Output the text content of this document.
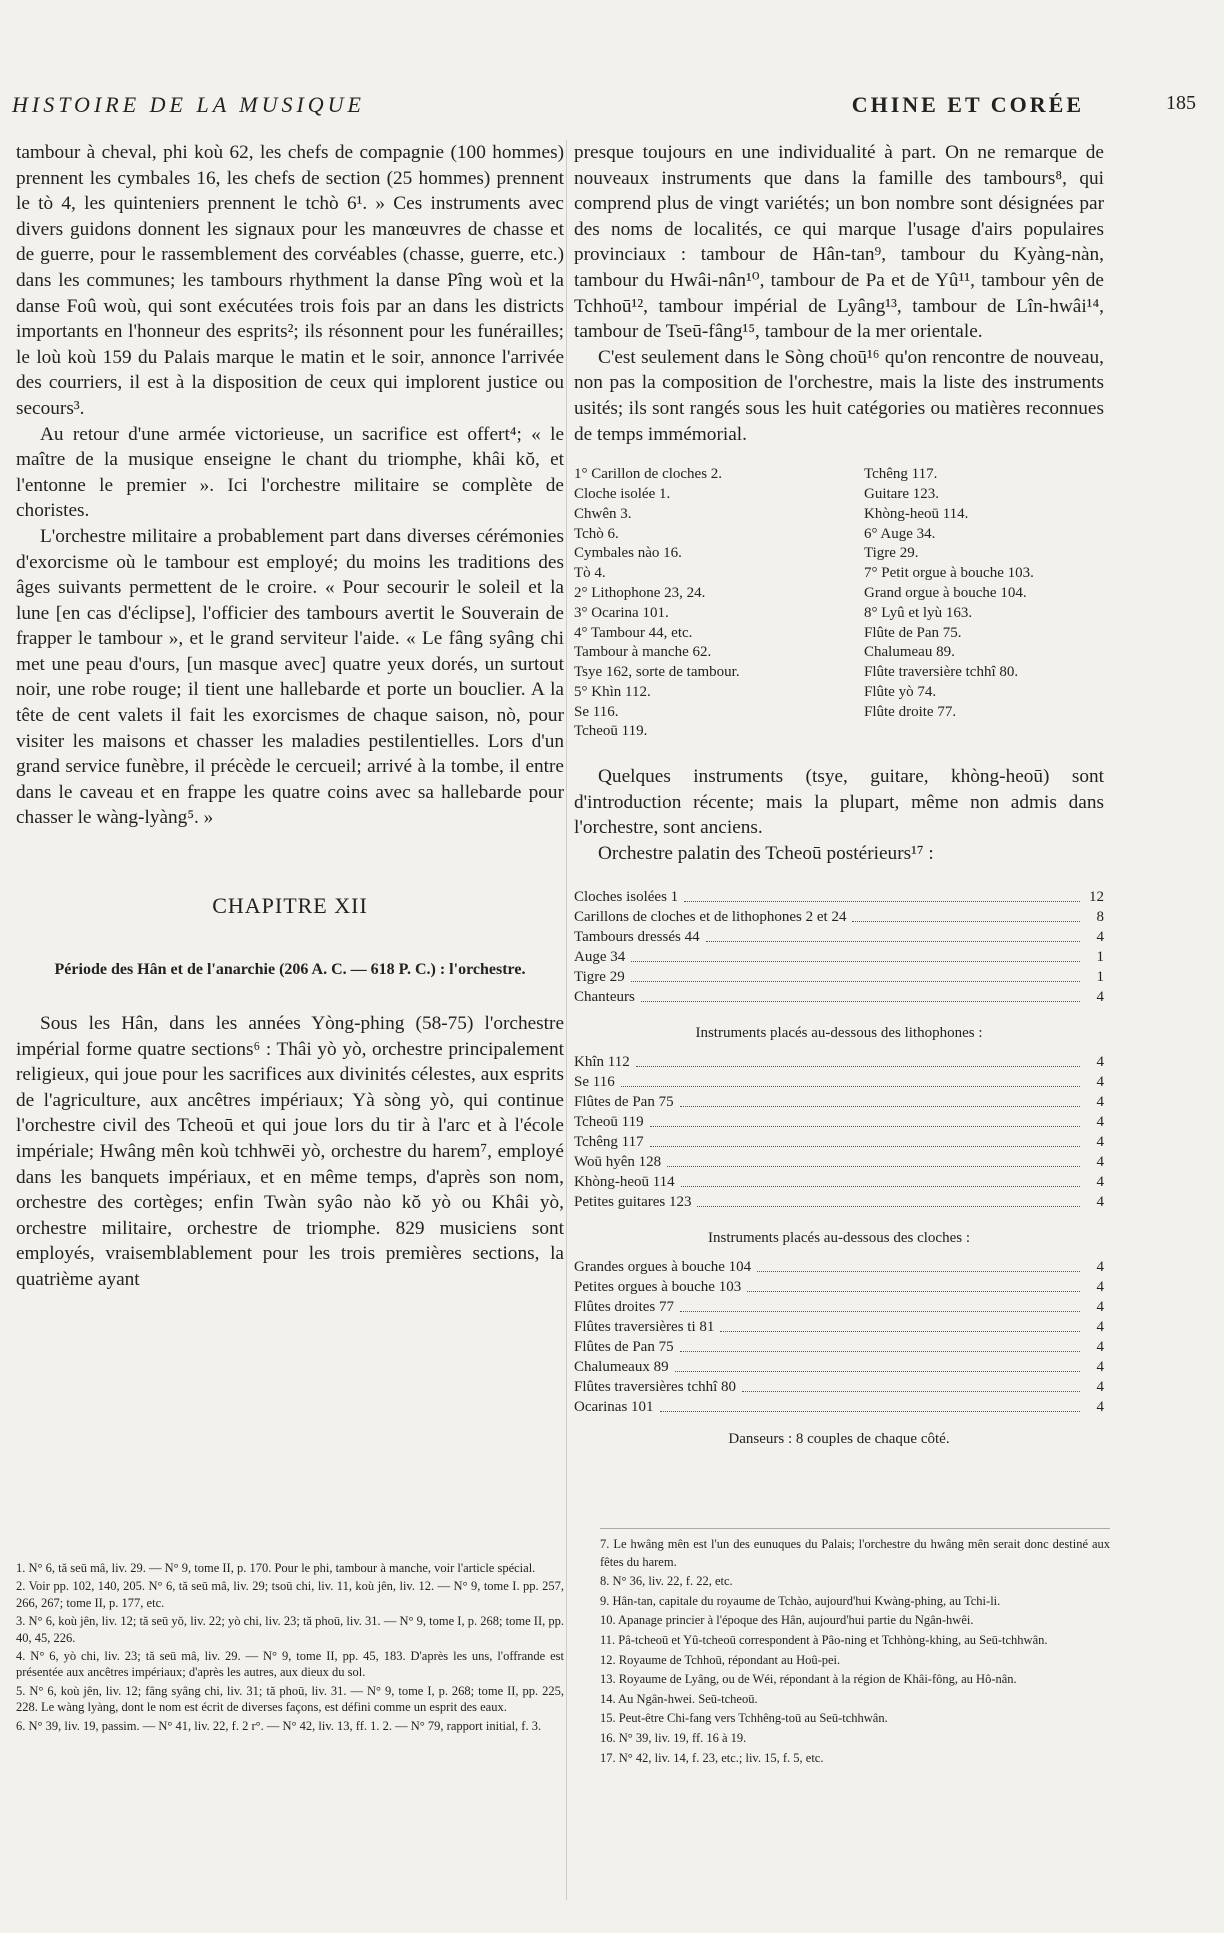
HISTOIRE DE LA MUSIQUE	CHINE ET CORÉE	185

tambour à cheval, phi koù 62, les chefs de compagnie (100 hommes) prennent les cymbales 16, les chefs de section (25 hommes) prennent le tò 4, les quinteniers prennent le tchò 6¹. » Ces instruments avec divers guidons donnent les signaux pour les manœuvres de chasse et de guerre, pour le rassemblement des corvéables (chasse, guerre, etc.) dans les communes; les tambours rhythment la danse Pîng woù et la danse Foû woù, qui sont exécutées trois fois par an dans les districts importants en l'honneur des esprits²; ils résonnent pour les funérailles; le loù koù 159 du Palais marque le matin et le soir, annonce l'arrivée des courriers, il est à la disposition de ceux qui implorent justice ou secours³.

Au retour d'une armée victorieuse, un sacrifice est offert⁴; « le maître de la musique enseigne le chant du triomphe, khâi kŏ, et l'entonne le premier ». Ici l'orchestre militaire se complète de choristes.

L'orchestre militaire a probablement part dans diverses cérémonies d'exorcisme où le tambour est employé; du moins les traditions des âges suivants permettent de le croire. « Pour secourir le soleil et la lune [en cas d'éclipse], l'officier des tambours avertit le Souverain de frapper le tambour », et le grand serviteur l'aide. « Le fâng syâng chi met une peau d'ours, [un masque avec] quatre yeux dorés, un surtout noir, une robe rouge; il tient une hallebarde et porte un bouclier. A la tête de cent valets il fait les exorcismes de chaque saison, nò, pour visiter les maisons et chasser les maladies pestilentielles. Lors d'un grand service funèbre, il précède le cercueil; arrivé à la tombe, il entre dans le caveau et en frappe les quatre coins avec sa hallebarde pour chasser le wàng-lyàng⁵. »

CHAPITRE XII
Période des Hân et de l'anarchie (206 A. C. — 618 P. C.) : l'orchestre.

Sous les Hân, dans les années Yòng-phing (58-75) l'orchestre impérial forme quatre sections⁶ : Thâi yò yò, orchestre principalement religieux, qui joue pour les sacrifices aux divinités célestes, aux esprits de l'agriculture, aux ancêtres impériaux; Yà sòng yò, qui continue l'orchestre civil des Tcheoū et qui joue lors du tir à l'arc et à l'école impériale; Hwâng mên koù tchhwēi yò, orchestre du harem⁷, employé dans les banquets impériaux, et en même temps, d'après son nom, orchestre des cortèges; enfin Twàn syâo nào kŏ yò ou Khâi yò, orchestre militaire, orchestre de triomphe. 829 musiciens sont employés, vraisemblablement pour les trois premières sections, la quatrième ayant

1. N° 6, tă seū mâ, liv. 29. — N° 9, tome II, p. 170. Pour le phi, tambour à manche, voir l'article spécial.

2. Voir pp. 102, 140, 205. N° 6, tă seū mâ, liv. 29; tsoū chi, liv. 11, koù jên, liv. 12. — N° 9, tome I. pp. 257, 266, 267; tome II, p. 177, etc.

3. N° 6, koù jên, liv. 12; tă seū yŏ, liv. 22; yò chi, liv. 23; tă phoū, liv. 31. — N° 9, tome I, p. 268; tome II, pp. 40, 45, 226.

4. N° 6, yò chi, liv. 23; tă seū mâ, liv. 29. — N° 9, tome II, pp. 45, 183. D'après les uns, l'offrande est présentée aux ancêtres impériaux; d'après les autres, aux dieux du sol.

5. N° 6, koù jên, liv. 12; fâng syâng chi, liv. 31; tă phoū, liv. 31. — N° 9, tome I, p. 268; tome II, pp. 225, 228. Le wàng lyàng, dont le nom est écrit de diverses façons, est défini comme un esprit des eaux.

6. N° 39, liv. 19, passim. — N° 41, liv. 22, f. 2 r°. — N° 42, liv. 13, ff. 1. 2. — N° 79, rapport initial, f. 3.

presque toujours en une individualité à part. On ne remarque de nouveaux instruments que dans la famille des tambours⁸, qui comprend plus de vingt variétés; un bon nombre sont désignées par des noms de localités, ce qui marque l'usage d'airs populaires provinciaux : tambour de Hân-tan⁹, tambour du Kyàng-nàn, tambour du Hwâi-nân¹⁰, tambour de Pa et de Yû¹¹, tambour yên de Tchhoū¹², tambour impérial de Lyâng¹³, tambour de Lîn-hwâi¹⁴, tambour de Tseū-fâng¹⁵, tambour de la mer orientale.

C'est seulement dans le Sòng choū¹⁶ qu'on rencontre de nouveau, non pas la composition de l'orchestre, mais la liste des instruments usités; ils sont rangés sous les huit catégories ou matières reconnues de temps immémorial.

1° Carillon de cloches 2.
Cloche isolée 1.
Chwên 3.
Tchò 6.
Cymbales nào 16.
Tò 4.
2° Lithophone 23, 24.
3° Ocarina 101.
4° Tambour 44, etc.
Tambour à manche 62.
Tsye 162, sorte de tambour.
5° Khìn 112.
Se 116.
Tcheoū 119.
Tchêng 117.
Guitare 123.
Khòng-heoū 114.
6° Auge 34.
Tigre 29.
7° Petit orgue à bouche 103.
Grand orgue à bouche 104.
8° Lyû et lyù 163.
Flûte de Pan 75.
Chalumeau 89.
Flûte traversière tchhî 80.
Flûte yò 74.
Flûte droite 77.

Quelques instruments (tsye, guitare, khòng-heoū) sont d'introduction récente; mais la plupart, même non admis dans l'orchestre, sont anciens.

Orchestre palatin des Tcheoū postérieurs¹⁷ :

Cloches isolées 1	12
Carillons de cloches et de lithophones 2 et 24	8
Tambours dressés 44	4
Auge 34	1
Tigre 29	1
Chanteurs	4
Instruments placés au-dessous des lithophones :
Khîn 112	4
Se 116	4
Flûtes de Pan 75	4
Tcheoū 119	4
Tchêng 117	4
Woū hyên 128	4
Khòng-heoū 114	4
Petites guitares 123	4
Instruments placés au-dessous des cloches :
Grandes orgues à bouche 104	4
Petites orgues à bouche 103	4
Flûtes droites 77	4
Flûtes traversières ti 81	4
Flûtes de Pan 75	4
Chalumeaux 89	4
Flûtes traversières tchhî 80	4
Ocarinas 101	4
Danseurs : 8 couples de chaque côté.

7. Le hwâng mên est l'un des eunuques du Palais; l'orchestre du hwâng mên serait donc destiné aux fêtes du harem.

8. N° 36, liv. 22, f. 22, etc.

9. Hân-tan, capitale du royaume de Tchào, aujourd'hui Kwàng-phing, au Tchi-li.

10. Apanage princier à l'époque des Hân, aujourd'hui partie du Ngân-hwêi.

11. Pâ-tcheoū et Yû-tcheoū correspondent à Pâo-ning et Tchhòng-khing, au Seū-tchhwân.

12. Royaume de Tchhoū, répondant au Hoû-pei.

13. Royaume de Lyâng, ou de Wéi, répondant à la région de Khâi-fông, au Hô-nân.

14. Au Ngân-hwei. Seū-tcheoū.

15. Peut-être Chi-fang vers Tchhêng-toū au Seū-tchhwân.

16. N° 39, liv. 19, ff. 16 à 19.

17. N° 42, liv. 14, f. 23, etc.; liv. 15, f. 5, etc.
